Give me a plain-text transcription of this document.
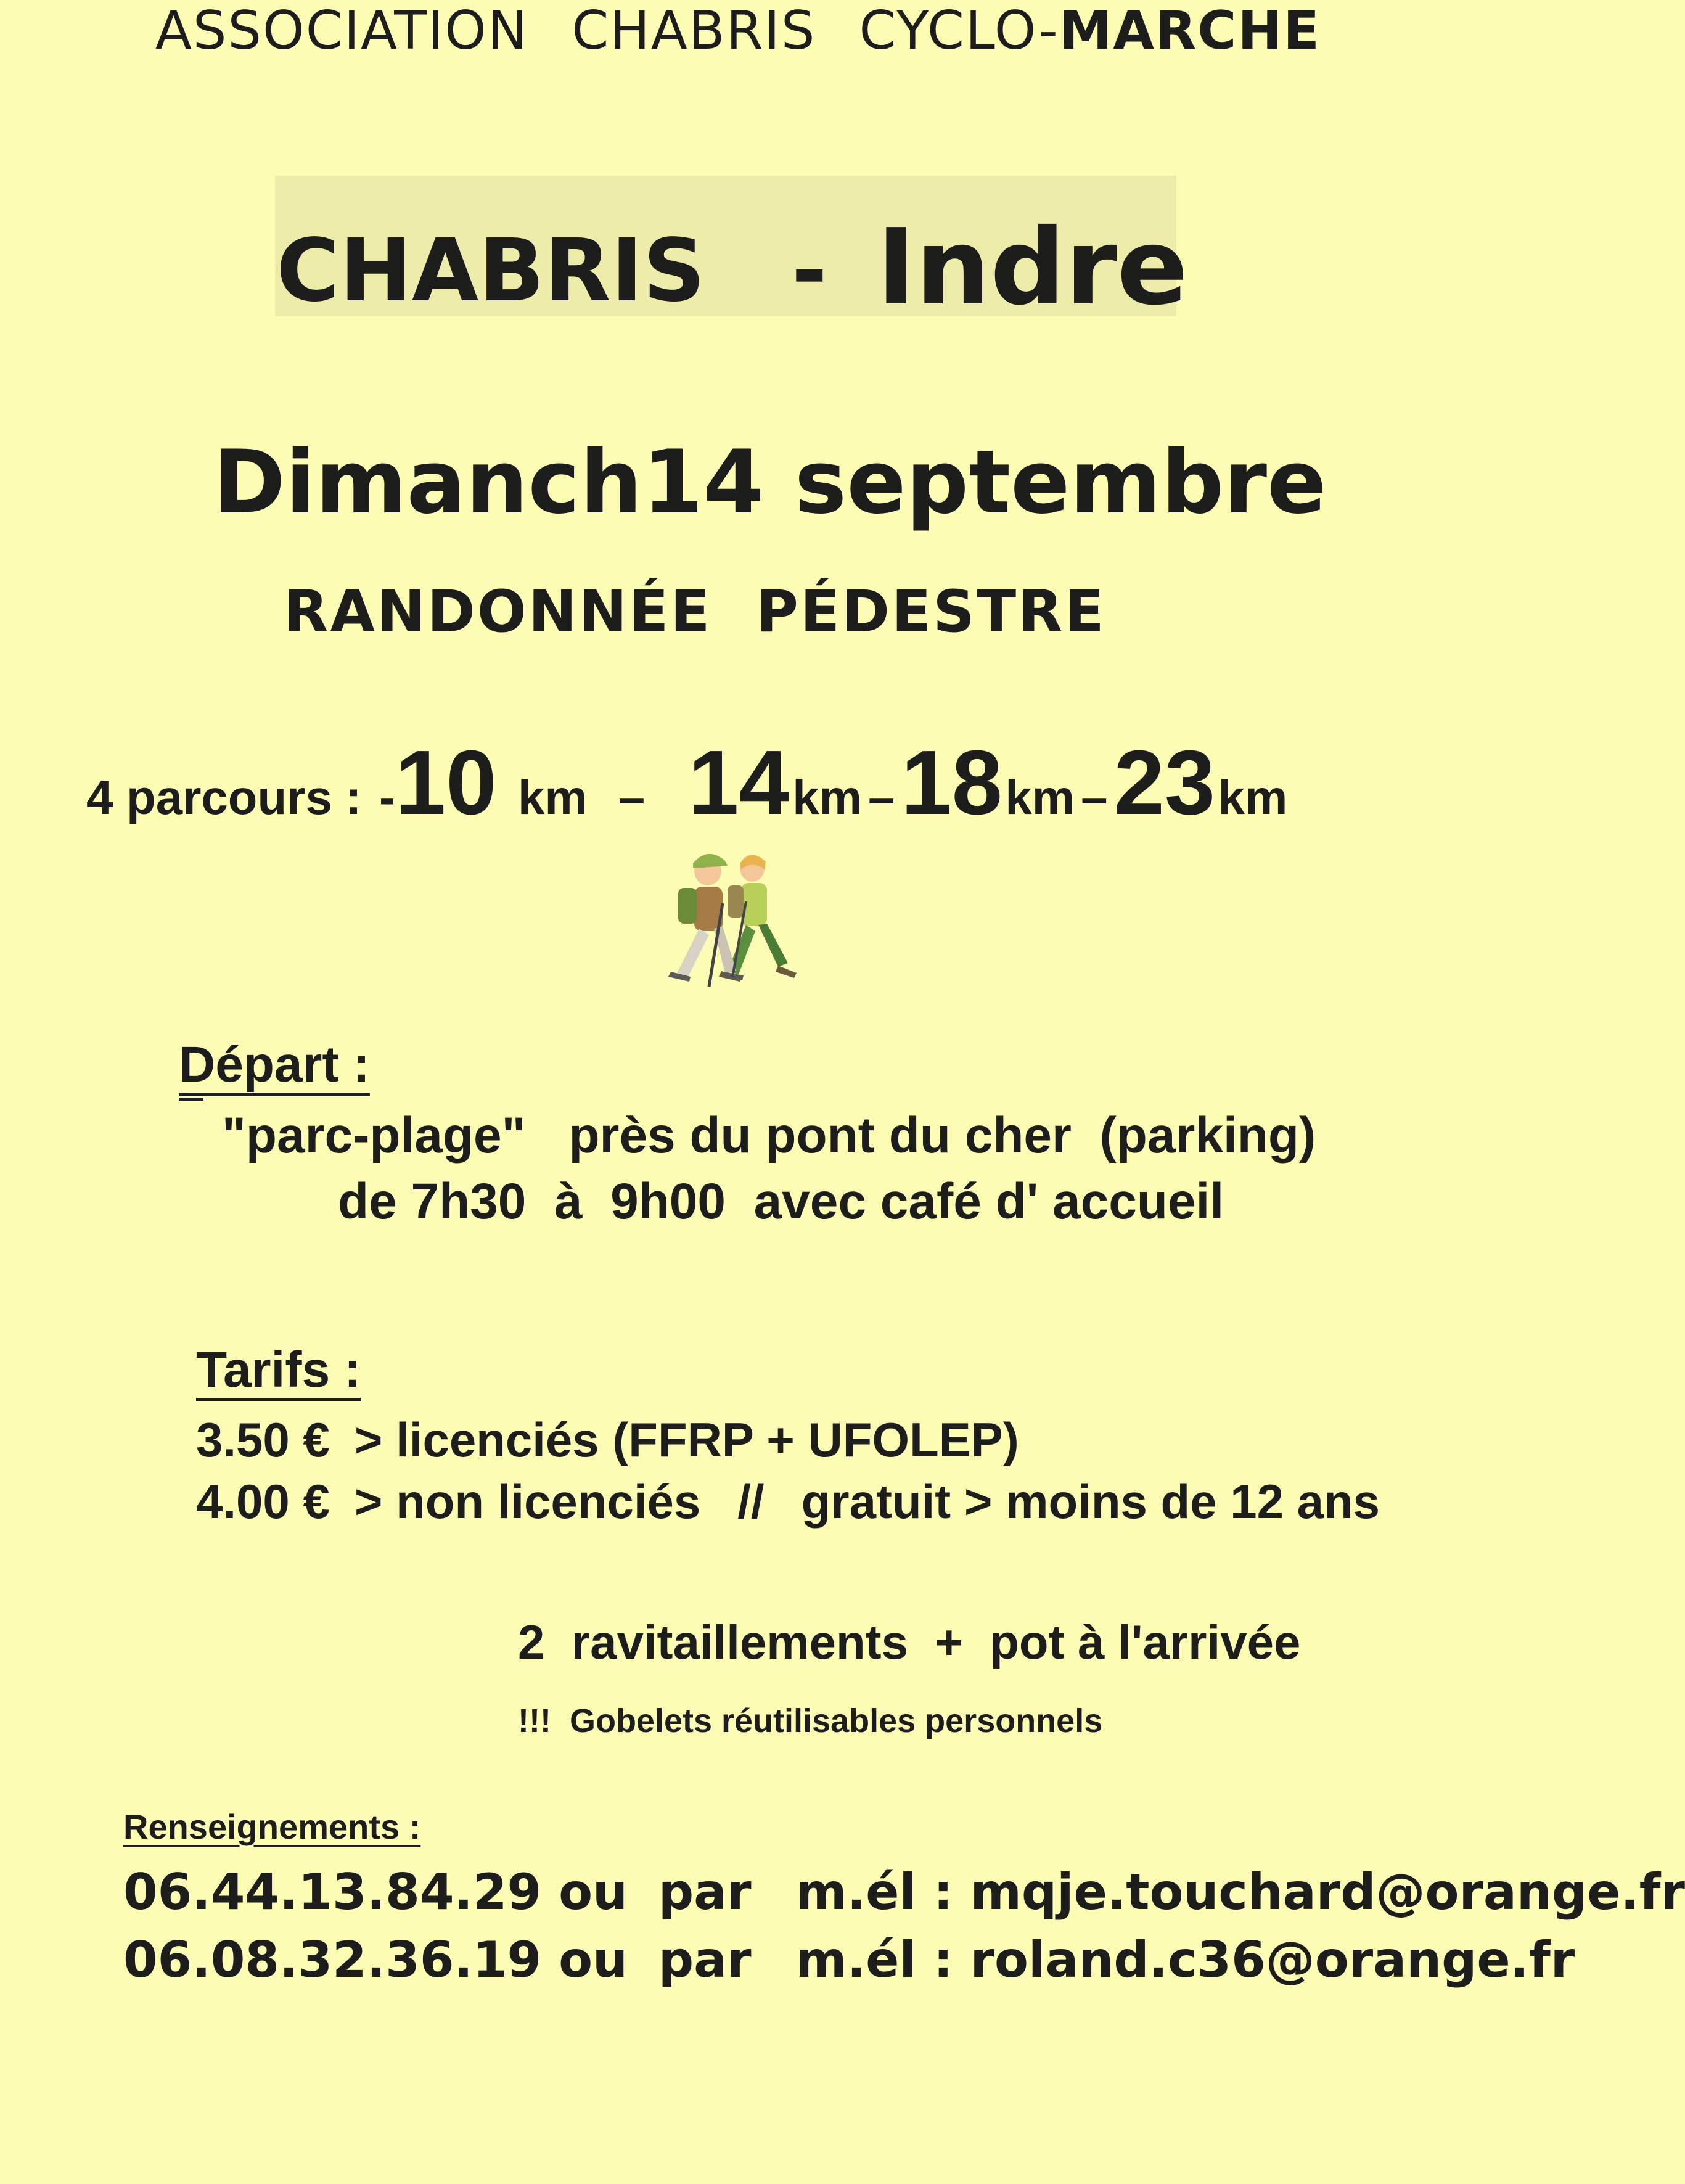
ASSOCIATION CHABRIS CYCLO-MARCHE
CHABRIS - Indre
Dimanch14 septembre
RANDONNÉE  PÉDESTRE
4 parcours : -10 km – 14 km –18 km –23 km
Départ :
"parc-plage" près du pont du cher  (parking)
de 7h30  à  9h00  avec café d' accueil
Tarifs :
3.50 € > licenciés (FFRP + UFOLEP)
4.00 € > non licenciés // gratuit > moins de 12 ans
2  ravitaillements  +  pot à l'arrivée
!!!  Gobelets réutilisables personnels
Renseignements :
06.44.13.84.29 ou par m.él : mqje.touchard@orange.fr
06.08.32.36.19 ou par m.él : roland.c36@orange.fr
